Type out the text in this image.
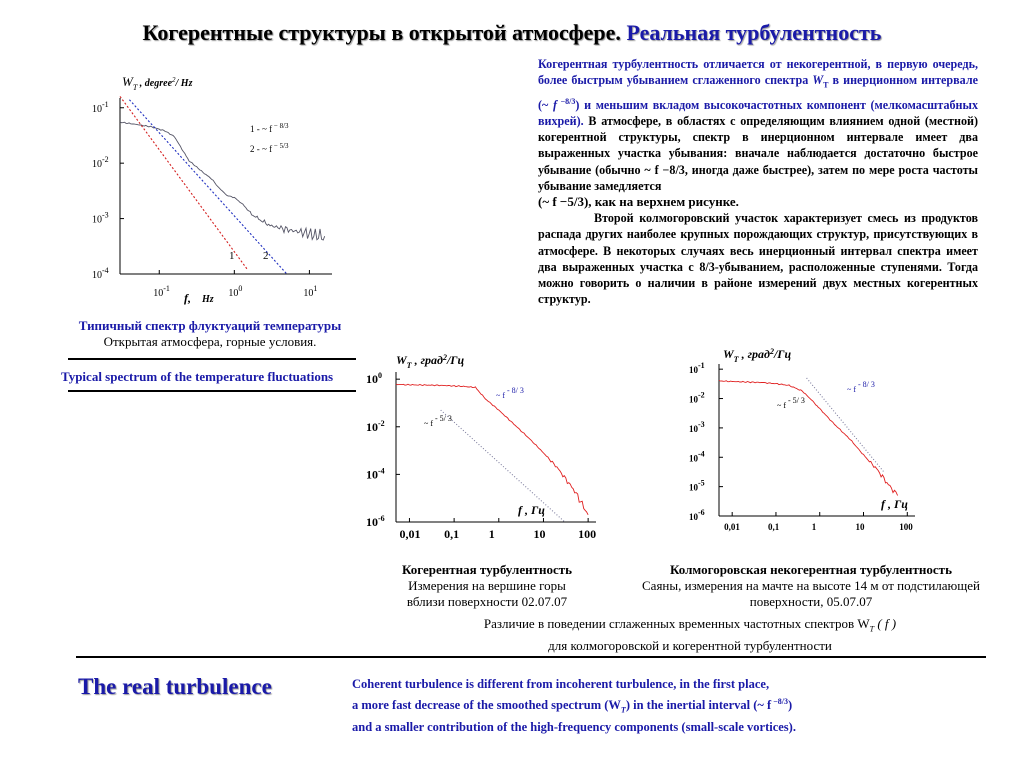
Когерентные структуры в открытой атмосфере. Реальная турбулентность
$10^{-1}$
$10^{-2}$
$10^{-3}$
$10^{-4}$
$10^{-1}$	$10^0$	$10^1$
$W_T$ $^{, degree2}_{/ Hz}$
f, Hz
1 - ~ f $^{- 8/3}$
2 - ~ f $^{- 5/3}$
1	2
Типичный спектр флуктуаций температуры
Открытая атмосфера, горные условия.
Typical spectrum of the temperature fluctuations
Когерентная турбулентность отличается от некогерентной, в первую очередь, более быстрым убыванием сглаженного спектра $W_T$ в инерционном интервале (~ f $^{-8/3}$) и меньшим вкладом высокочастотных компонент (мелкомасштабных вихрей). В атмосфере, в областях с определяющим влиянием одной (местной) когерентной структуры, спектр в инерционном интервале имеет два выраженных участка убывания: вначале наблюдается достаточно быстрое убывание (обычно ~ f −8/3, иногда даже быстрее), затем по мере роста частоты убывание замедляется
(~ f −5/3), как на верхнем рисунке.
Второй колмогоровский участок характеризует смесь из продуктов распада других наиболее крупных порождающих структур, присутствующих в атмосфере. В некоторых случаях весь инерционный интервал спектра имеет два выраженных участка с 8/3-убыванием, расположенные ступенями. Тогда можно говорить о наличии в районе измерений двух местных когерентных структур.
$10^0$
$10^{-2}$
$10^{-4}$
$10^{-6}$
0,01 0,1 1	10	100
$W_T$ , град$^2$/Гц
f , Гц
~ f - 8/ 3
~ f - 5/ 3
10-1
10-2
10-3
10-4
10-5
10-6
0,01	0,1	1	10	100
$W_T$ , град$^2$/Гц
f , Гц
~ f - 8/ 3
~ f - 5/ 3
Когерентная турбулентность
Измерения на вершине горы
вблизи поверхности 02.07.07
Колмогоровская некогерентная турбулентность
Саяны, измерения на мачте на высоте 14 м от подстилающей
поверхности, 05.07.07
Различие в поведении сглаженных временных частотных спектров $W_T$ ( f )
для колмогоровской и когерентной турбулентности
The real turbulence	Coherent turbulence is different from incoherent turbulence, in the first place,
a more fast decrease of the smoothed spectrum $(W_T)$ in the inertial interval (~ f $^{-8/3}$)
and a smaller contribution of the high-frequency components (small-scale vortices).
